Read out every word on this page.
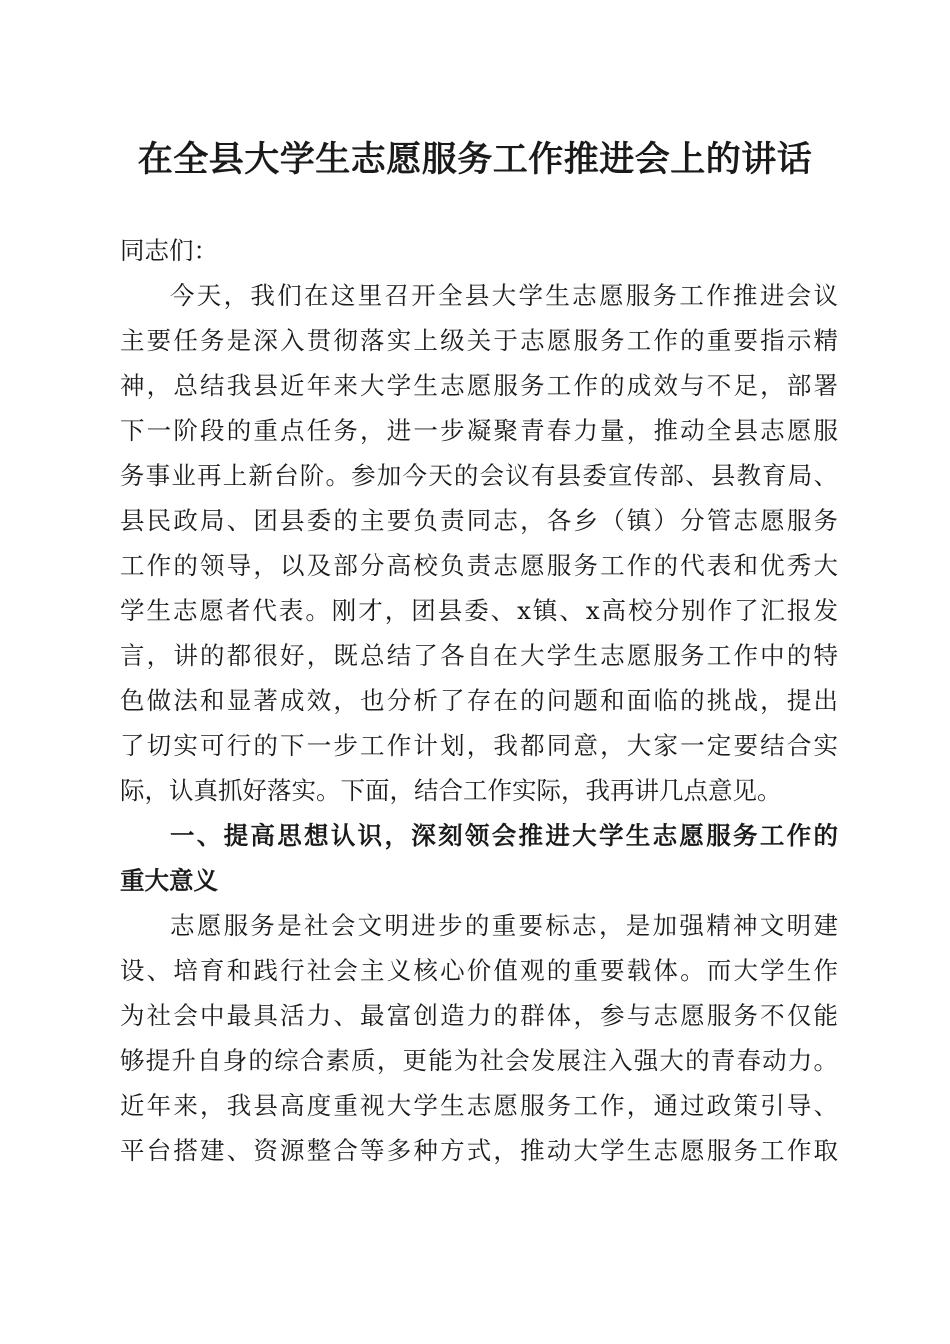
在全县大学生志愿服务工作推进会上的讲话
同志们：
今天，我们在这里召开全县大学生志愿服务工作推进会议
主要任务是深入贯彻落实上级关于志愿服务工作的重要指示精
神，总结我县近年来大学生志愿服务工作的成效与不足，部署
下一阶段的重点任务，进一步凝聚青春力量，推动全县志愿服
务事业再上新台阶。参加今天的会议有县委宣传部、县教育局、
县民政局、团县委的主要负责同志，各乡（镇）分管志愿服务
工作的领导，以及部分高校负责志愿服务工作的代表和优秀大
学生志愿者代表。刚才，团县委、x镇、x高校分别作了汇报发
言，讲的都很好，既总结了各自在大学生志愿服务工作中的特
色做法和显著成效，也分析了存在的问题和面临的挑战，提出
了切实可行的下一步工作计划，我都同意，大家一定要结合实
际，认真抓好落实。下面，结合工作实际，我再讲几点意见。
一、提高思想认识，深刻领会推进大学生志愿服务工作的
重大意义
志愿服务是社会文明进步的重要标志，是加强精神文明建
设、培育和践行社会主义核心价值观的重要载体。而大学生作
为社会中最具活力、最富创造力的群体，参与志愿服务不仅能
够提升自身的综合素质，更能为社会发展注入强大的青春动力。
近年来，我县高度重视大学生志愿服务工作，通过政策引导、
平台搭建、资源整合等多种方式，推动大学生志愿服务工作取
